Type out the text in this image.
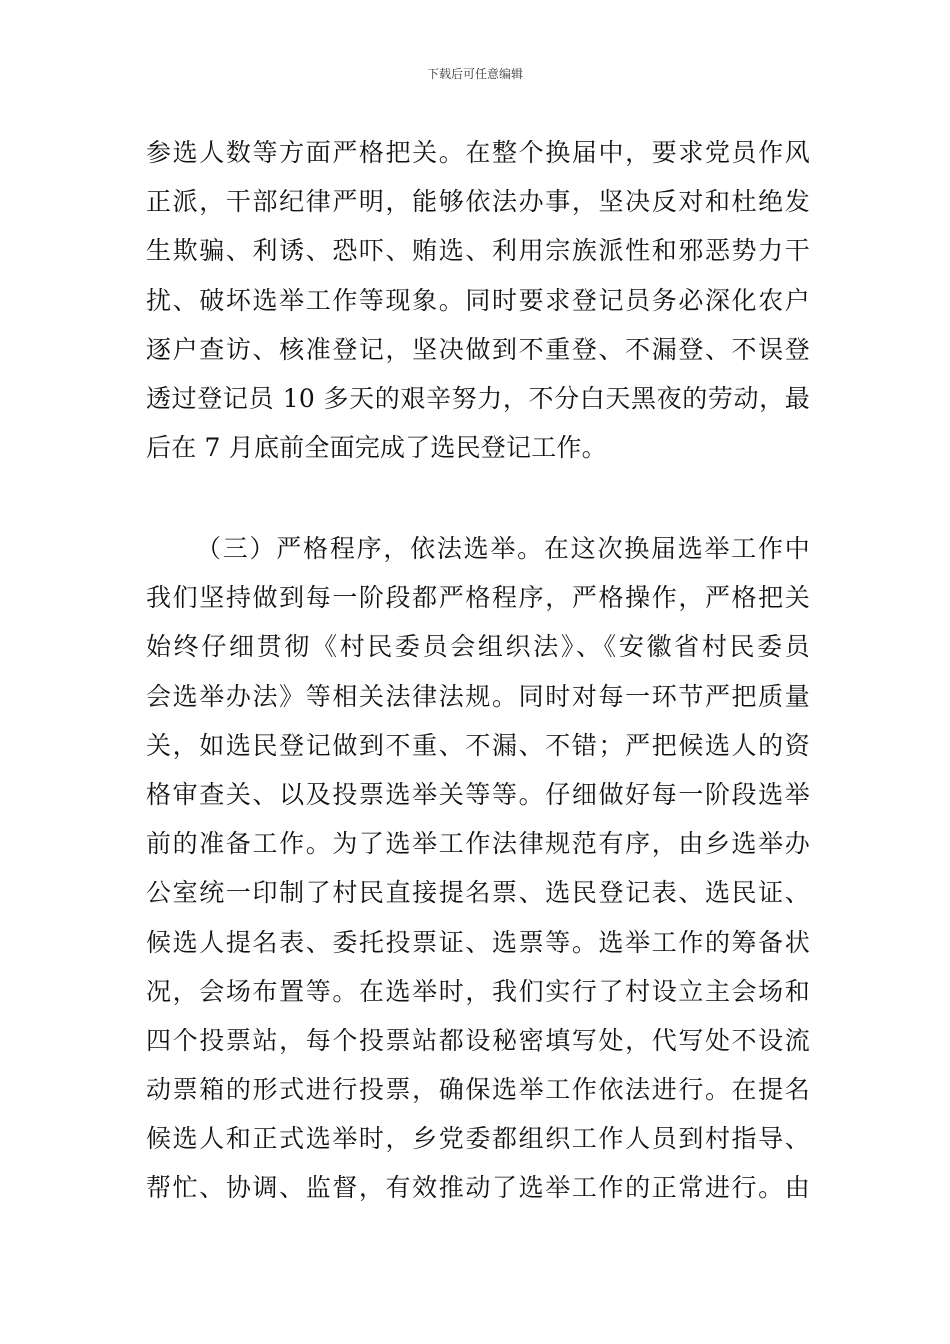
下载后可任意编辑
参选人数等方面严格把关。在整个换届中，要求党员作风
正派，干部纪律严明，能够依法办事，坚决反对和杜绝发
生欺骗、利诱、恐吓、贿选、利用宗族派性和邪恶势力干
扰、破坏选举工作等现象。同时要求登记员务必深化农户
逐户查访、核准登记，坚决做到不重登、不漏登、不误登
透过登记员 10 多天的艰辛努力，不分白天黑夜的劳动，最
后在 7 月底前全面完成了选民登记工作。
（三）严格程序，依法选举。在这次换届选举工作中
我们坚持做到每一阶段都严格程序，严格操作，严格把关
始终仔细贯彻《村民委员会组织法》、《安徽省村民委员
会选举办法》等相关法律法规。同时对每一环节严把质量
关，如选民登记做到不重、不漏、不错；严把候选人的资
格审查关、以及投票选举关等等。仔细做好每一阶段选举
前的准备工作。为了选举工作法律规范有序，由乡选举办
公室统一印制了村民直接提名票、选民登记表、选民证、
候选人提名表、委托投票证、选票等。选举工作的筹备状
况，会场布置等。在选举时，我们实行了村设立主会场和
四个投票站，每个投票站都设秘密填写处，代写处不设流
动票箱的形式进行投票，确保选举工作依法进行。在提名
候选人和正式选举时，乡党委都组织工作人员到村指导、
帮忙、协调、监督，有效推动了选举工作的正常进行。由
